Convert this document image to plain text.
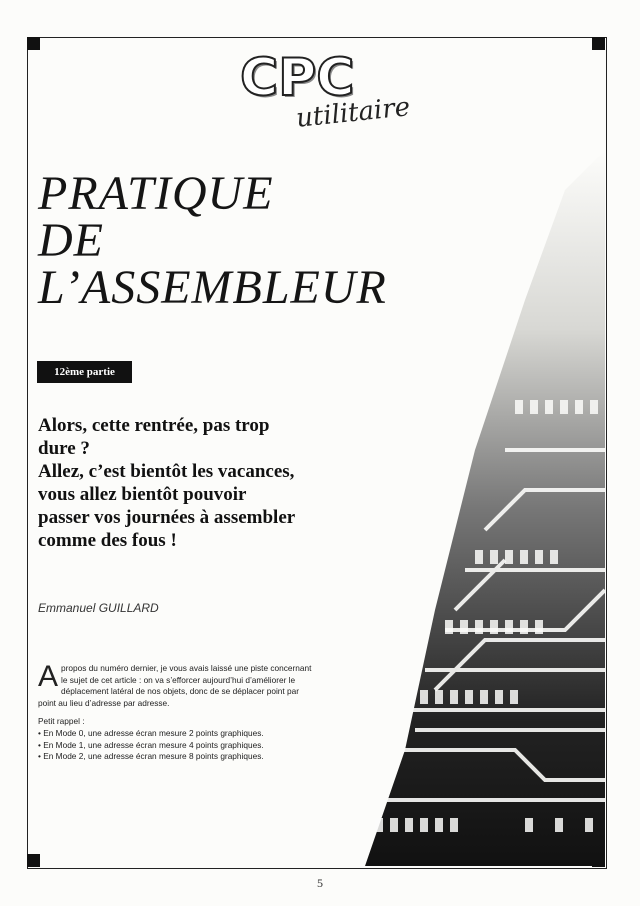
CPC
utilitaire
PRATIQUE
DE
L’ASSEMBLEUR
12ème partie

Alors, cette rentrée, pas trop
dure ?
Allez, c’est bientôt les vacances,
vous allez bientôt pouvoir
passer vos journées à assembler
comme des fous !

Emmanuel GUILLARD

A propos du numéro dernier, je vous avais laissé une piste concernant le sujet de cet article : on va s’efforcer aujourd’hui d’améliorer le déplacement latéral de nos objets, donc de se déplacer point par point au lieu d’adresse par adresse.

Petit rappel :
• En Mode 0, une adresse écran mesure 2 points graphiques.
• En Mode 1, une adresse écran mesure 4 points graphiques.
• En Mode 2, une adresse écran mesure 8 points graphiques.
5
